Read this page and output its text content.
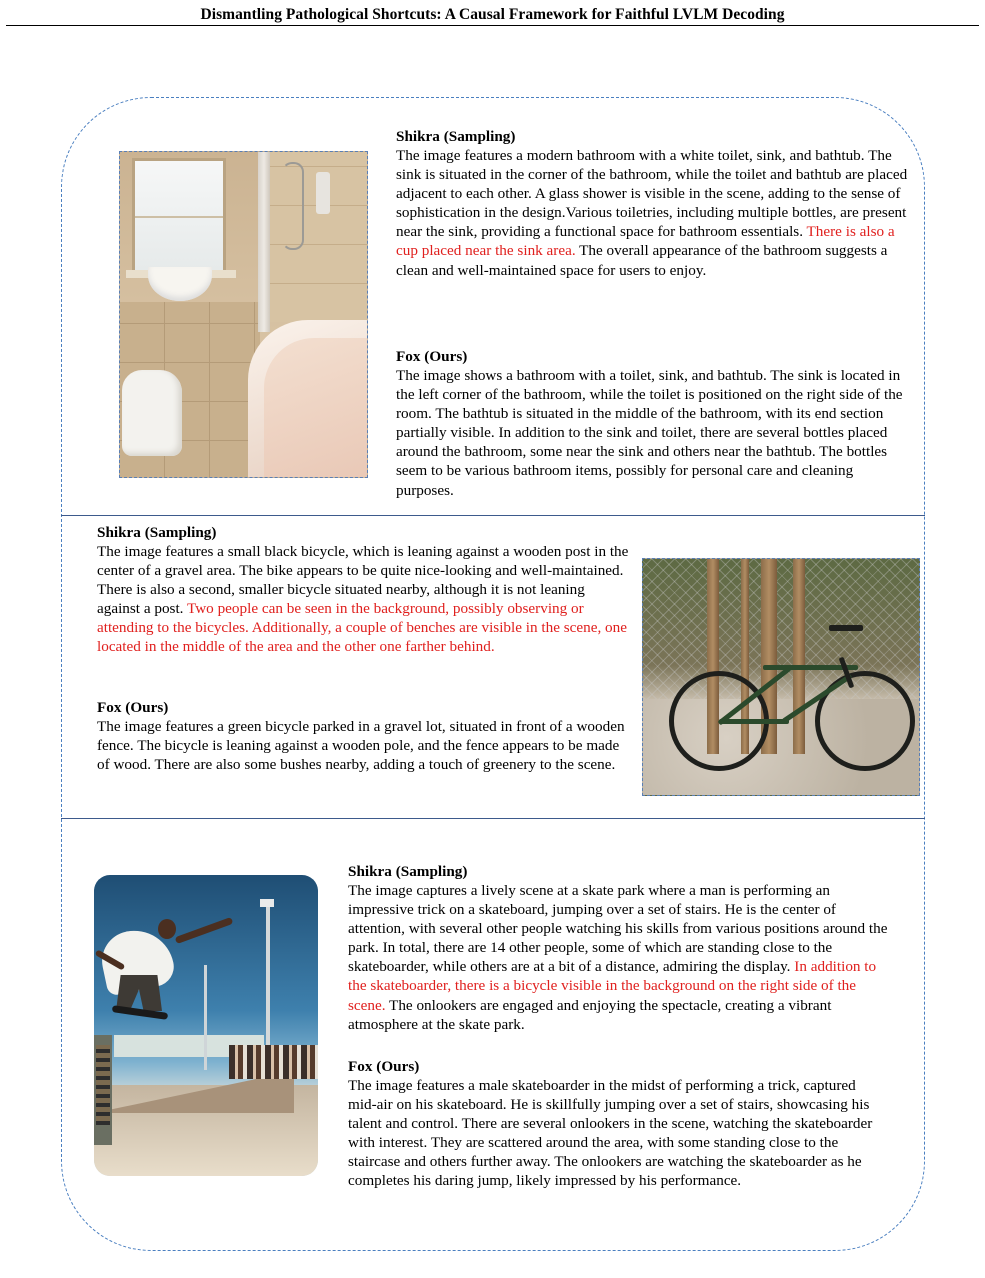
Dismantling Pathological Shortcuts: A Causal Framework for Faithful LVLM Decoding
Shikra (Sampling)

The image features a modern bathroom with a white toilet, sink, and bathtub. The sink is situated in the corner of the bathroom, while the toilet and bathtub are placed adjacent to each other. A glass shower is visible in the scene, adding to the sense of sophistication in the design.Various toiletries, including multiple bottles, are present near the sink, providing a functional space for bathroom essentials. There is also a cup placed near the sink area. The overall appearance of the bathroom suggests a clean and well-maintained space for users to enjoy.

Fox (Ours)

The image shows a bathroom with a toilet, sink, and bathtub. The sink is located in the left corner of the bathroom, while the toilet is positioned on the right side of the room. The bathtub is situated in the middle of the bathroom, with its end section partially visible. In addition to the sink and toilet, there are several bottles placed around the bathroom, some near the sink and others near the bathtub. The bottles seem to be various bathroom items, possibly for personal care and cleaning purposes.

Shikra (Sampling)

The image features a small black bicycle, which is leaning against a wooden post in the center of a gravel area. The bike appears to be quite nice-looking and well-maintained. There is also a second, smaller bicycle situated nearby, although it is not leaning against a post. Two people can be seen in the background, possibly observing or attending to the bicycles. Additionally, a couple of benches are visible in the scene, one located in the middle of the area and the other one farther behind.

Fox (Ours)

The image features a green bicycle parked in a gravel lot, situated in front of a wooden fence. The bicycle is leaning against a wooden pole, and the fence appears to be made of wood. There are also some bushes nearby, adding a touch of greenery to the scene.

Shikra (Sampling)

The image captures a lively scene at a skate park where a man is performing an impressive trick on a skateboard, jumping over a set of stairs. He is the center of attention, with several other people watching his skills from various positions around the park. In total, there are 14 other people, some of which are standing close to the skateboarder, while others are at a bit of a distance, admiring the display. In addition to the skateboarder, there is a bicycle visible in the background on the right side of the scene. The onlookers are engaged and enjoying the spectacle, creating a vibrant atmosphere at the skate park.

Fox (Ours)

The image features a male skateboarder in the midst of performing a trick, captured mid-air on his skateboard. He is skillfully jumping over a set of stairs, showcasing his talent and control. There are several onlookers in the scene, watching the skateboarder with interest. They are scattered around the area, with some standing close to the staircase and others further away. The onlookers are watching the skateboarder as he completes his daring jump, likely impressed by his performance.
